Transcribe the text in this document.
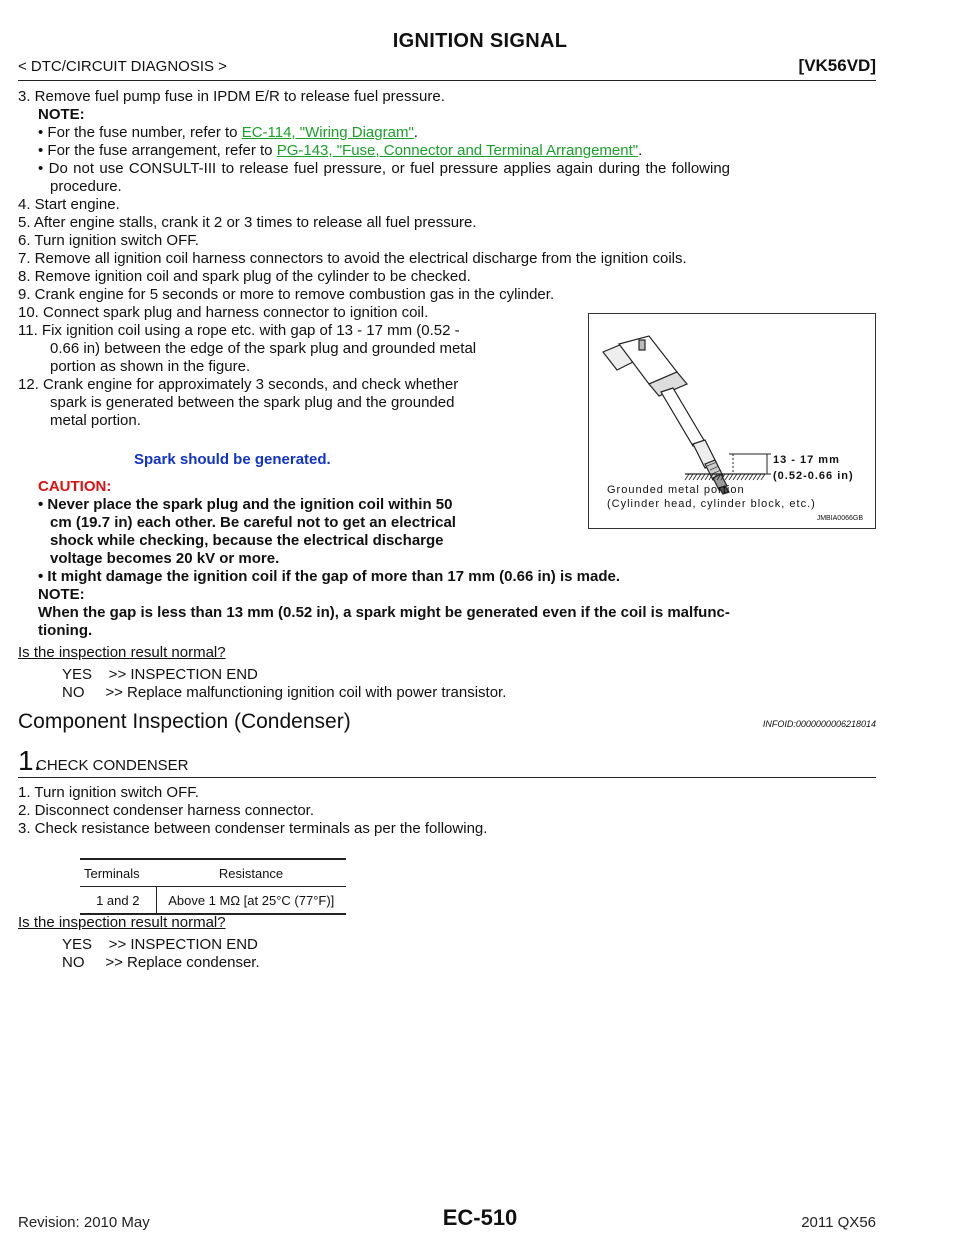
IGNITION SIGNAL
< DTC/CIRCUIT DIAGNOSIS >	[VK56VD]
3. Remove fuel pump fuse in IPDM E/R to release fuel pressure.
NOTE:
• For the fuse number, refer to EC-114, "Wiring Diagram".
• For the fuse arrangement, refer to PG-143, "Fuse, Connector and Terminal Arrangement".
• Do not use CONSULT-III to release fuel pressure, or fuel pressure applies again during the following
procedure.
4. Start engine.
5. After engine stalls, crank it 2 or 3 times to release all fuel pressure.
6. Turn ignition switch OFF.
7. Remove all ignition coil harness connectors to avoid the electrical discharge from the ignition coils.
8. Remove ignition coil and spark plug of the cylinder to be checked.
9. Crank engine for 5 seconds or more to remove combustion gas in the cylinder.
10. Connect spark plug and harness connector to ignition coil.
11. Fix ignition coil using a rope etc. with gap of 13 - 17 mm (0.52 -
0.66 in) between the edge of the spark plug and grounded metal
portion as shown in the figure.
12. Crank engine for approximately 3 seconds, and check whether
spark is generated between the spark plug and the grounded
metal portion.
Spark should be generated.
CAUTION:
• Never place the spark plug and the ignition coil within 50
cm (19.7 in) each other. Be careful not to get an electrical
shock while checking, because the electrical discharge
voltage becomes 20 kV or more.
• It might damage the ignition coil if the gap of more than 17 mm (0.66 in) is made.
NOTE:
When the gap is less than 13 mm (0.52 in), a spark might be generated even if the coil is malfunc-
tioning.
Is the inspection result normal?
YES    >> INSPECTION END
NO     >> Replace malfunctioning ignition coil with power transistor.
13 - 17 mm
(0.52-0.66 in)
Grounded metal portion
(Cylinder head, cylinder block, etc.)
JMBIA0066GB
Component Inspection (Condenser)	INFOID:0000000006218014
1.
CHECK CONDENSER
1. Turn ignition switch OFF.
2. Disconnect condenser harness connector.
3. Check resistance between condenser terminals as per the following.
Terminals	Resistance
1 and 2	Above 1 MΩ [at 25°C (77°F)]
Is the inspection result normal?
YES    >> INSPECTION END
NO     >> Replace condenser.
Revision: 2010 May	EC-510	2011 QX56
